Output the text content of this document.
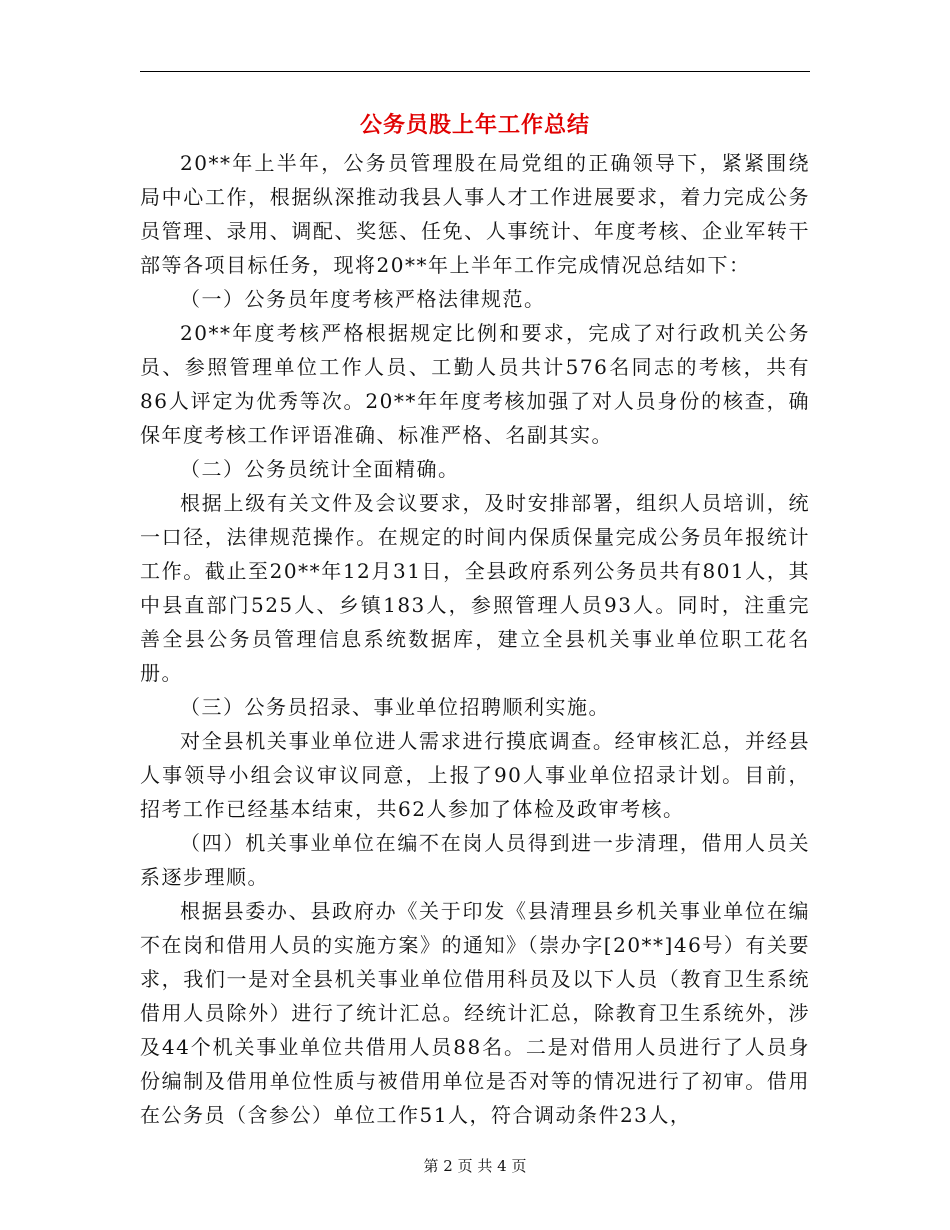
公务员股上年工作总结

20**年上半年，公务员管理股在局党组的正确领导下，紧紧围绕局中心工作，根据纵深推动我县人事人才工作进展要求，着力完成公务员管理、录用、调配、奖惩、任免、人事统计、年度考核、企业军转干部等各项目标任务，现将20**年上半年工作完成情况总结如下：

（一）公务员年度考核严格法律规范。

20**年度考核严格根据规定比例和要求，完成了对行政机关公务员、参照管理单位工作人员、工勤人员共计576名同志的考核，共有86人评定为优秀等次。20**年年度考核加强了对人员身份的核查，确保年度考核工作评语准确、标准严格、名副其实。

（二）公务员统计全面精确。

根据上级有关文件及会议要求，及时安排部署，组织人员培训，统一口径，法律规范操作。在规定的时间内保质保量完成公务员年报统计工作。截止至20**年12月31日，全县政府系列公务员共有801人，其中县直部门525人、乡镇183人，参照管理人员93人。同时，注重完善全县公务员管理信息系统数据库，建立全县机关事业单位职工花名册。

（三）公务员招录、事业单位招聘顺利实施。

对全县机关事业单位进人需求进行摸底调查。经审核汇总，并经县人事领导小组会议审议同意，上报了90人事业单位招录计划。目前，招考工作已经基本结束，共62人参加了体检及政审考核。

（四）机关事业单位在编不在岗人员得到进一步清理，借用人员关系逐步理顺。

根据县委办、县政府办《关于印发《县清理县乡机关事业单位在编不在岗和借用人员的实施方案》的通知》（崇办字[20**]46号）有关要求，我们一是对全县机关事业单位借用科员及以下人员（教育卫生系统借用人员除外）进行了统计汇总。经统计汇总，除教育卫生系统外，涉及44个机关事业单位共借用人员88名。二是对借用人员进行了人员身份编制及借用单位性质与被借用单位是否对等的情况进行了初审。借用在公务员（含参公）单位工作51人，符合调动条件23人，

第 2 页 共 4 页
